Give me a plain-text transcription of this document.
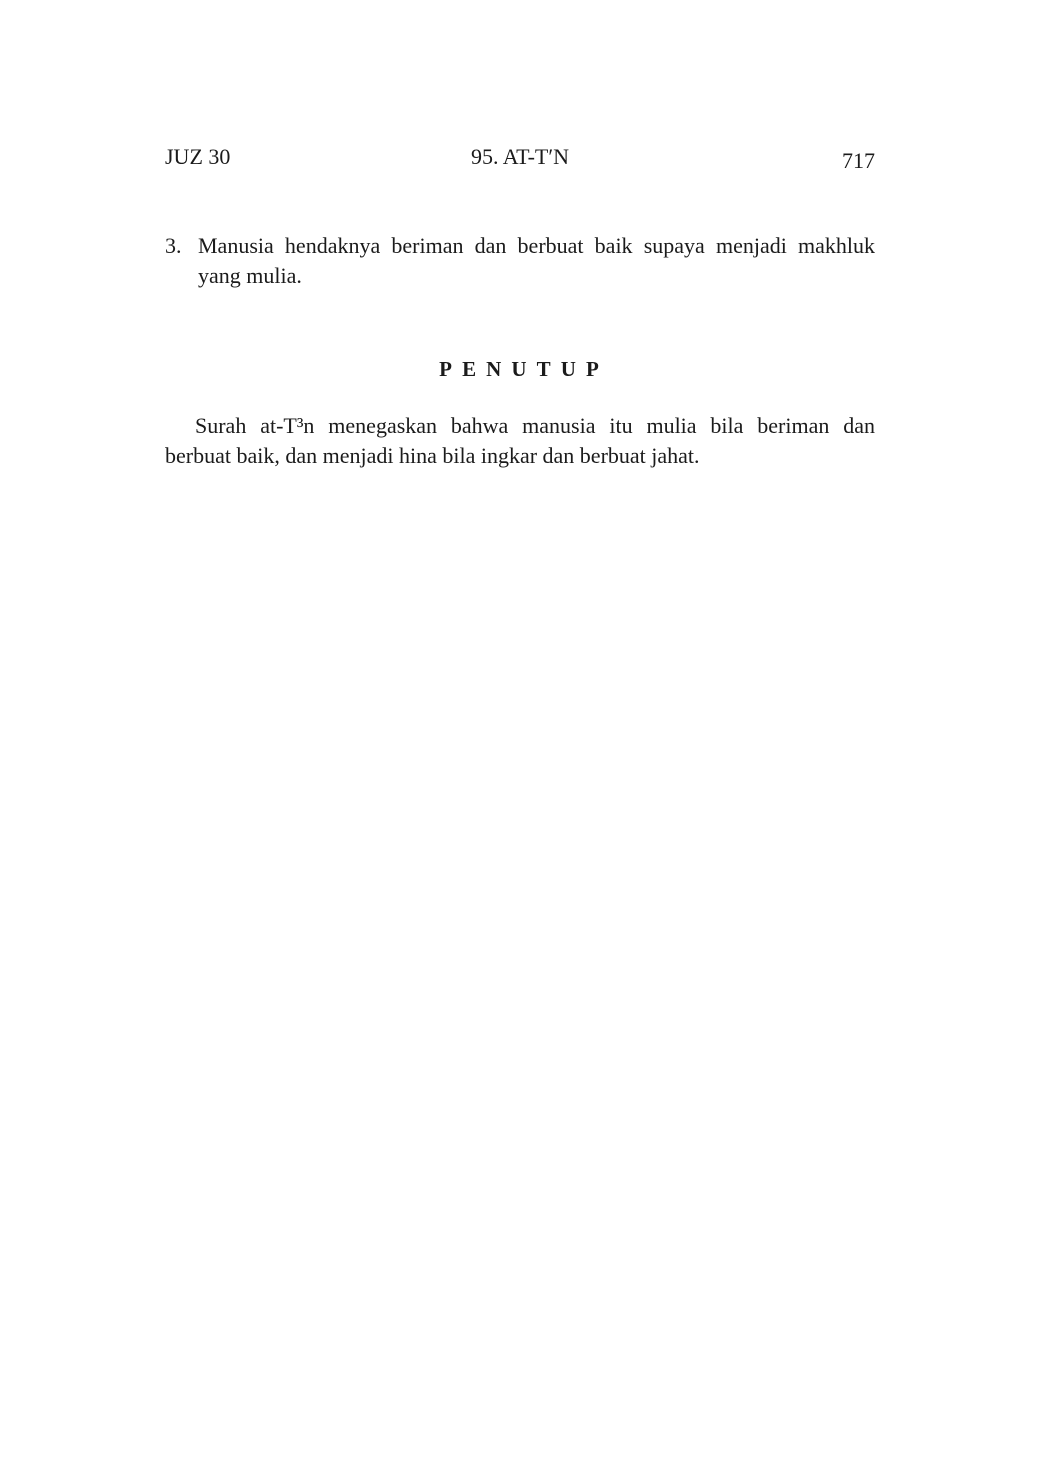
JUZ 30	95. AT-T′N	717
3. Manusia hendaknya beriman dan berbuat baik supaya menjadi makhluk
yang mulia.
PENUTUP
Surah at-T³n menegaskan bahwa manusia itu mulia bila beriman dan
berbuat baik, dan menjadi hina bila ingkar dan berbuat jahat.
